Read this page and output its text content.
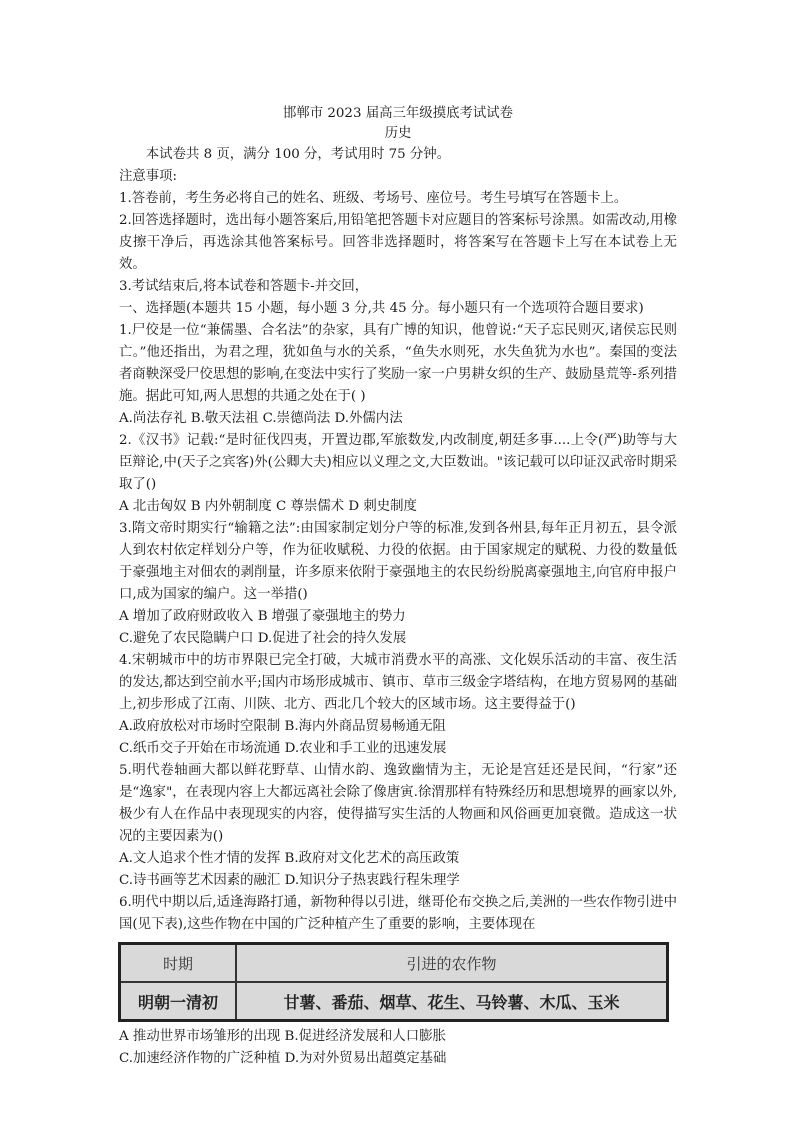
邯郸市 2023 届高三年级摸底考试试卷
历史

本试卷共 8 页，满分 100 分，考试用时 75 分钟。

注意事项:

1.答卷前，考生务必将自己的姓名、班级、考场号、座位号。考生号填写在答题卡上。

2.回答选择题时，选出每小题答案后,用铅笔把答题卡对应题目的答案标号涂黑。如需改动,用橡皮擦干净后，再选涂其他答案标号。回答非选择题时，将答案写在答题卡上写在本试卷上无效。

3.考试结束后,将本试卷和答题卡-并交回，

一、选择题(本题共 15 小题，每小题 3 分,共 45 分。每小题只有一个选项符合题目要求)

1.尸佼是一位“兼儒墨、合名法”的杂家，具有广博的知识，他曾说:“天子忘民则灭,诸侯忘民则亡。”他还指出，为君之理，犹如鱼与水的关系，“鱼失水则死，水失鱼犹为水也”。秦国的变法者商鞅深受尸佼思想的影响,在变法中实行了奖励一家一户男耕女织的生产、鼓励垦荒等-系列措施。据此可知,两人思想的共通之处在于( )

A.尚法存礼 B.敬天法祖 C.崇德尚法 D.外儒内法

2.《汉书》记载:“是时征伐四夷，开置边郡,军旅数发,内改制度,朝廷多事....上令(严)助等与大臣辩论,中(天子之宾客)外(公卿大夫)相应以义理之文,大臣数诎。"该记载可以印证汉武帝时期采取了()

A 北击匈奴 B 内外朝制度 C 尊崇儒术 D 刺史制度

3.隋文帝时期实行“输籍之法”:由国家制定划分户等的标准,发到各州县,每年正月初五，县令派人到农村依定样划分户等，作为征收赋税、力役的依据。由于国家规定的赋税、力役的数量低于豪强地主对佃农的剥削量，许多原来依附于豪强地主的农民纷纷脱离豪强地主,向官府申报户口,成为国家的编户。这一举措()

A 增加了政府财政收入 B 增强了豪强地主的势力

C.避免了农民隐瞒户口 D.促进了社会的持久发展

4.宋朝城市中的坊市界限已完全打破，大城市消费水平的高涨、文化娱乐活动的丰富、夜生活的发达,都达到空前水平;国内市场形成城市、镇市、草市三级金字塔结构，在地方贸易网的基础上,初步形成了江南、川陕、北方、西北几个较大的区域市场。这主要得益于()

A.政府放松对市场时空限制 B.海内外商品贸易畅通无阻

C.纸币交子开始在市场流通 D.农业和手工业的迅速发展

5.明代卷轴画大都以鲜花野草、山情水韵、逸致幽情为主，无论是宫廷还是民间，“行家”还是“逸家"，在表现内容上大都远离社会除了像唐寅.徐渭那样有特殊经历和思想境界的画家以外,极少有人在作品中表现现实的内容，使得描写实生活的人物画和风俗画更加衰微。造成这一状况的主要因素为()

A.文人追求个性才情的发挥 B.政府对文化艺术的高压政策

C.诗书画等艺术因素的融汇 D.知识分子热衷践行程朱理学

6.明代中期以后,适逢海路打通，新物种得以引进，继哥伦布交换之后,美洲的一些农作物引进中国(见下表),这些作物在中国的广泛种植产生了重要的影响，主要体现在

时期	引进的农作物
明朝一清初	甘薯、番茄、烟草、花生、马铃薯、木瓜、玉米

A 推动世界市场雏形的出现 B.促进经济发展和人口膨胀

C.加速经济作物的广泛种植 D.为对外贸易出超奠定基础
